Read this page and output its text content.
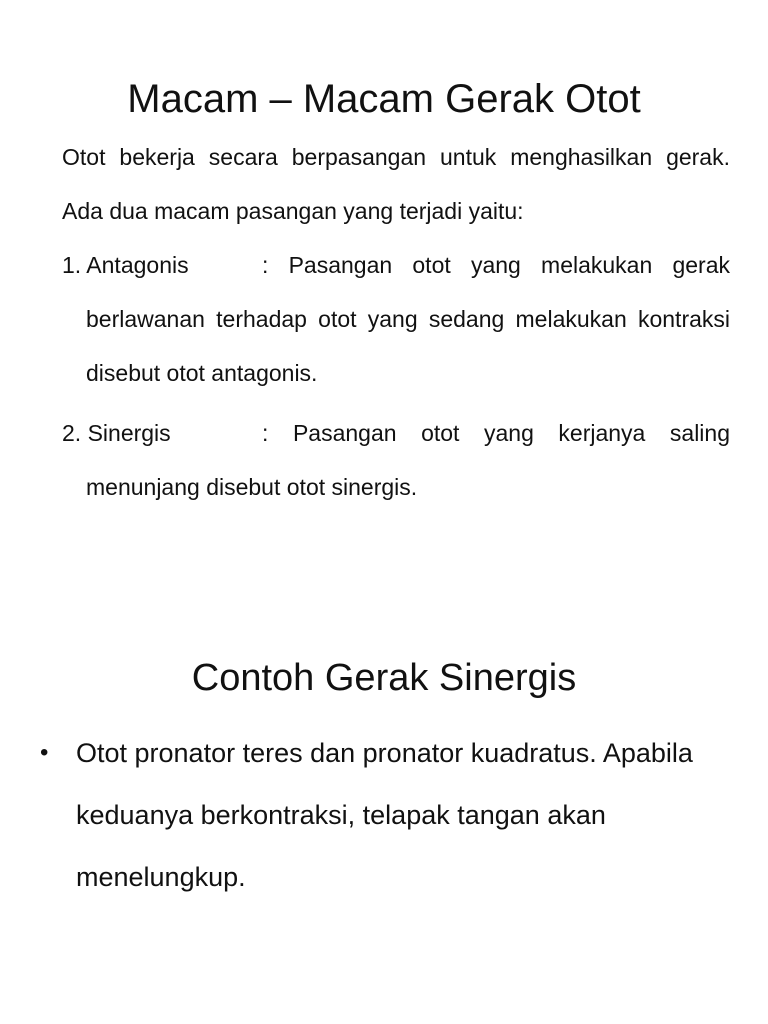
Macam – Macam Gerak Otot

Otot bekerja secara berpasangan untuk menghasilkan gerak. Ada dua macam pasangan yang terjadi yaitu:

1. Antagonis	: Pasangan otot yang melakukan gerak
berlawanan terhadap otot yang sedang melakukan kontraksi disebut otot antagonis.
2. Sinergis	: Pasangan otot yang kerjanya saling
menunjang disebut otot sinergis.
Contoh Gerak Sinergis
•	Otot pronator teres dan pronator kuadratus. Apabila keduanya berkontraksi, telapak tangan akan menelungkup.
